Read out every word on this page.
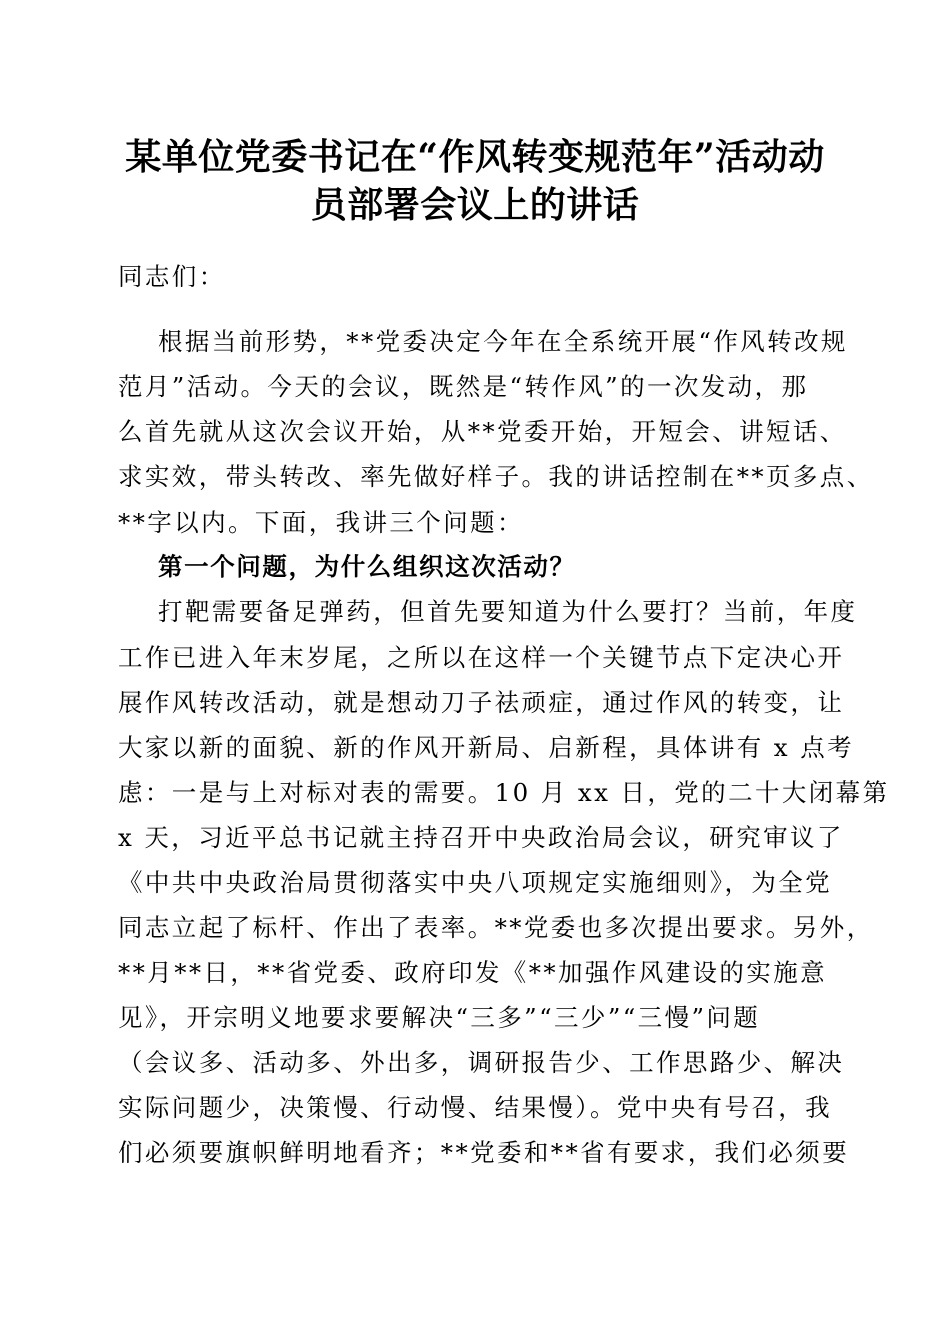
某单位党委书记在“作风转变规范年”活动动
员部署会议上的讲话

同志们：

根据当前形势，**党委决定今年在全系统开展“作风转改规

范月”活动。今天的会议，既然是“转作风”的一次发动，那

么首先就从这次会议开始，从**党委开始，开短会、讲短话、

求实效，带头转改、率先做好样子。我的讲话控制在**页多点、

**字以内。下面，我讲三个问题：

第一个问题，为什么组织这次活动？

打靶需要备足弹药，但首先要知道为什么要打？当前，年度

工作已进入年末岁尾，之所以在这样一个关键节点下定决心开

展作风转改活动，就是想动刀子祛顽症，通过作风的转变，让

大家以新的面貌、新的作风开新局、启新程，具体讲有 x 点考

虑：一是与上对标对表的需要。10 月 xx 日，党的二十大闭幕第

x 天，习近平总书记就主持召开中央政治局会议，研究审议了

《中共中央政治局贯彻落实中央八项规定实施细则》，为全党

同志立起了标杆、作出了表率。**党委也多次提出要求。另外，

**月**日，**省党委、政府印发《**加强作风建设的实施意

见》，开宗明义地要求要解决“三多”“三少”“三慢”问题

（会议多、活动多、外出多，调研报告少、工作思路少、解决

实际问题少，决策慢、行动慢、结果慢）。党中央有号召，我

们必须要旗帜鲜明地看齐；**党委和**省有要求，我们必须要
